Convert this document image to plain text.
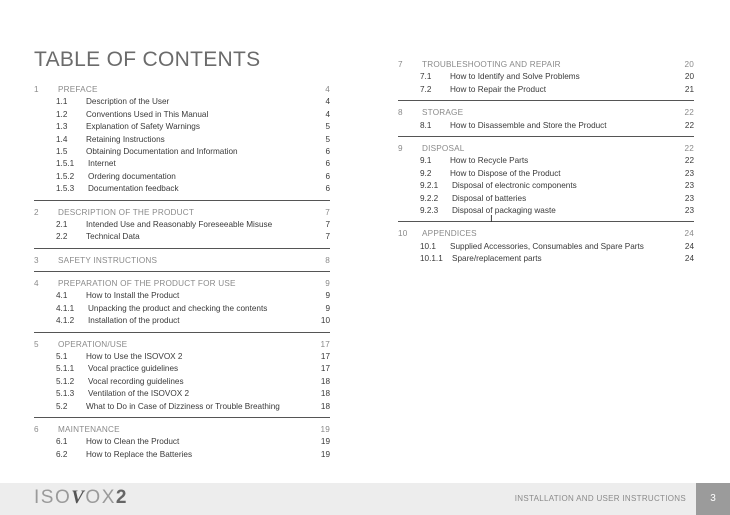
TABLE OF CONTENTS
1	PREFACE	4
1.1	Description of the User	4
1.2	Conventions Used in This Manual	4
1.3	Explanation of Safety Warnings	5
1.4	Retaining Instructions	5
1.5	Obtaining Documentation and Information	6
1.5.1	Internet	6
1.5.2	Ordering documentation	6
1.5.3	Documentation feedback	6
2	DESCRIPTION OF THE PRODUCT	7
2.1	Intended Use and Reasonably Foreseeable Misuse	7
2.2	Technical Data	7
3	SAFETY INSTRUCTIONS	8
4	PREPARATION OF THE PRODUCT FOR USE	9
4.1	How to Install the Product	9
4.1.1	Unpacking the product and checking the contents	9
4.1.2	Installation of the product	10
5	OPERATION/USE	17
5.1	How to Use the ISOVOX 2	17
5.1.1	Vocal practice guidelines	17
5.1.2	Vocal recording guidelines	18
5.1.3	Ventilation of the ISOVOX 2	18
5.2	What to Do in Case of Dizziness or Trouble Breathing	18
6	MAINTENANCE	19
6.1	How to Clean the Product	19
6.2	How to Replace the Batteries	19
7	TROUBLESHOOTING AND REPAIR	20
7.1	How to Identify and Solve Problems	20
7.2	How to Repair the Product	21
8	STORAGE	22
8.1	How to Disassemble and Store the Product	22
9	DISPOSAL	22
9.1	How to Recycle Parts	22
9.2	How to Dispose of the Product	23
9.2.1	Disposal of electronic components	23
9.2.2	Disposal of batteries	23
9.2.3	Disposal of packaging waste	23
10	APPENDICES	24
10.1	Supplied Accessories, Consumables and Spare Parts	24
10.1.1	Spare/replacement parts	24
I
ISOVOX2	INSTALLATION AND USER INSTRUCTIONS	3
